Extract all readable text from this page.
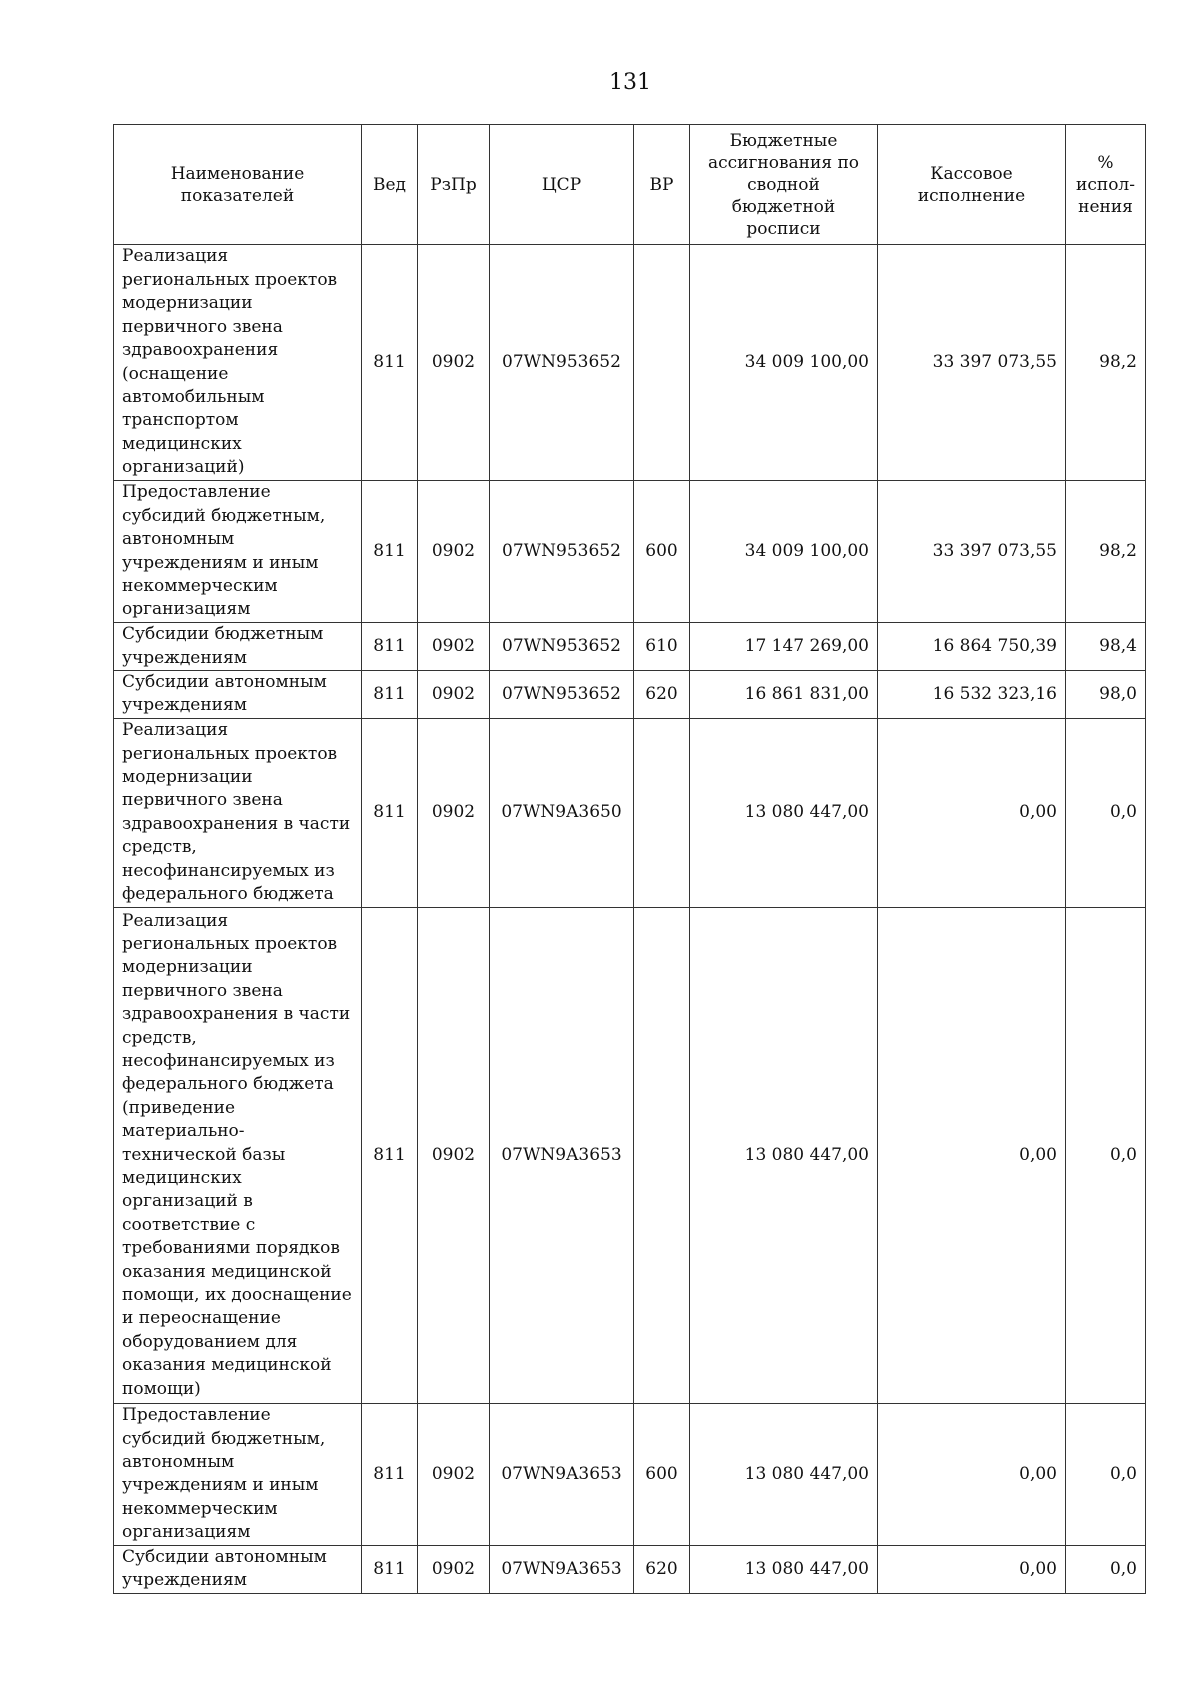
131
Наименование показателей	Вед	РзПр	ЦСР	ВР	Бюджетные ассигнования по сводной бюджетной росписи	Кассовое исполнение	% испол-нения
Реализация региональных проектов модернизации первичного звена здравоохранения (оснащение автомобильным транспортом медицинских организаций)	811	0902	07WN953652		34 009 100,00	33 397 073,55	98,2
Предоставление субсидий бюджетным, автономным учреждениям и иным некоммерческим организациям	811	0902	07WN953652	600	34 009 100,00	33 397 073,55	98,2
Субсидии бюджетным учреждениям	811	0902	07WN953652	610	17 147 269,00	16 864 750,39	98,4
Субсидии автономным учреждениям	811	0902	07WN953652	620	16 861 831,00	16 532 323,16	98,0
Реализация региональных проектов модернизации первичного звена здравоохранения в части средств, несофинансируемых из федерального бюджета	811	0902	07WN9A3650		13 080 447,00	0,00	0,0
Реализация региональных проектов модернизации первичного звена здравоохранения в части средств, несофинансируемых из федерального бюджета (приведение материально-технической базы медицинских организаций в соответствие с требованиями порядков оказания медицинской помощи, их дооснащение и переоснащение оборудованием для оказания медицинской помощи)	811	0902	07WN9A3653		13 080 447,00	0,00	0,0
Предоставление субсидий бюджетным, автономным учреждениям и иным некоммерческим организациям	811	0902	07WN9A3653	600	13 080 447,00	0,00	0,0
Субсидии автономным учреждениям	811	0902	07WN9A3653	620	13 080 447,00	0,00	0,0
